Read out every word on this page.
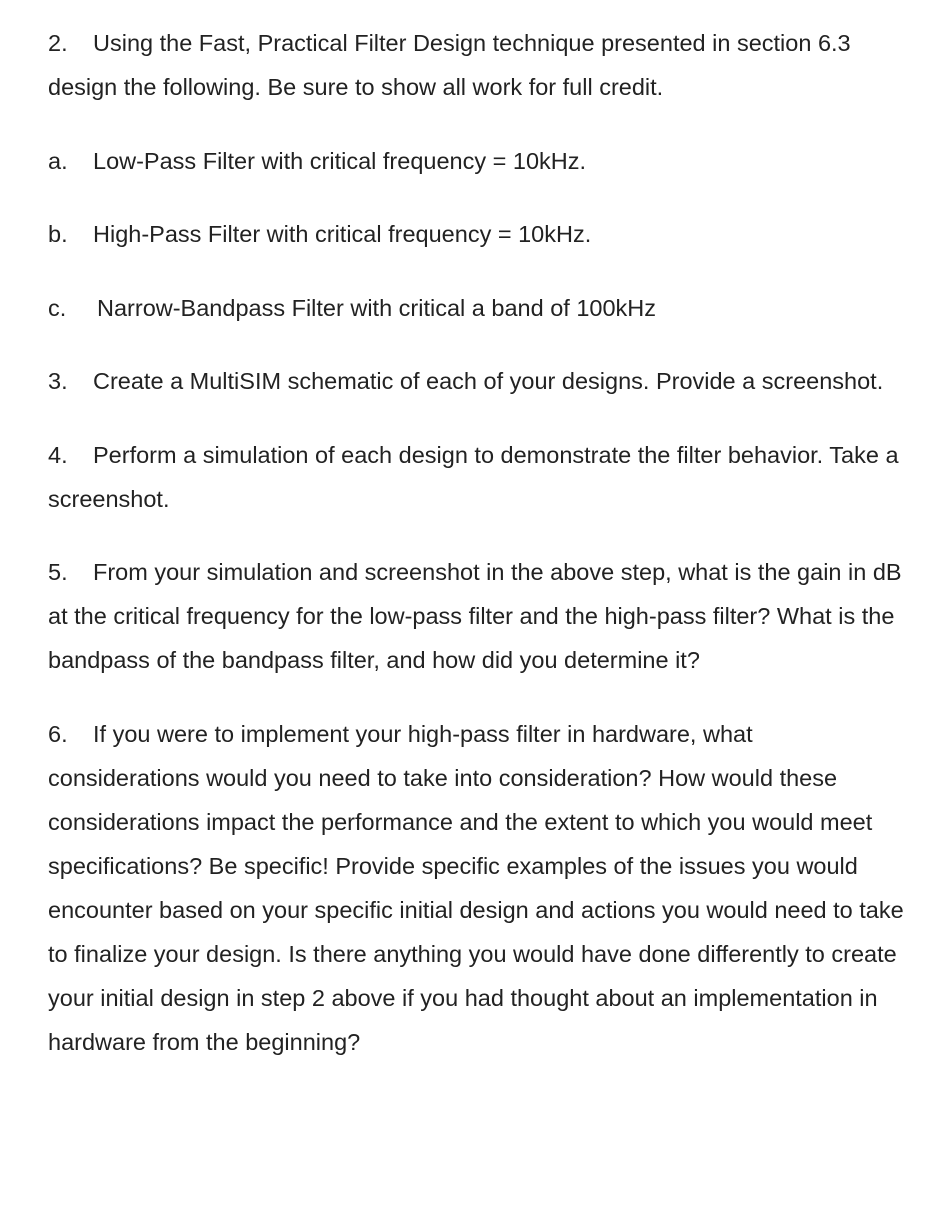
2. Using the Fast, Practical Filter Design technique presented in section 6.3 design the following. Be sure to show all work for full credit.

a. Low-Pass Filter with critical frequency = 10kHz.

b. High-Pass Filter with critical frequency = 10kHz.

c. Narrow-Bandpass Filter with critical a band of 100kHz

3. Create a MultiSIM schematic of each of your designs. Provide a screenshot.

4. Perform a simulation of each design to demonstrate the filter behavior. Take a screenshot.

5. From your simulation and screenshot in the above step, what is the gain in dB at the critical frequency for the low-pass filter and the high-pass filter? What is the bandpass of the bandpass filter, and how did you determine it?

6. If you were to implement your high-pass filter in hardware, what considerations would you need to take into consideration? How would these considerations impact the performance and the extent to which you would meet specifications? Be specific! Provide specific examples of the issues you would encounter based on your specific initial design and actions you would need to take to finalize your design. Is there anything you would have done differently to create your initial design in step 2 above if you had thought about an implementation in hardware from the beginning?
